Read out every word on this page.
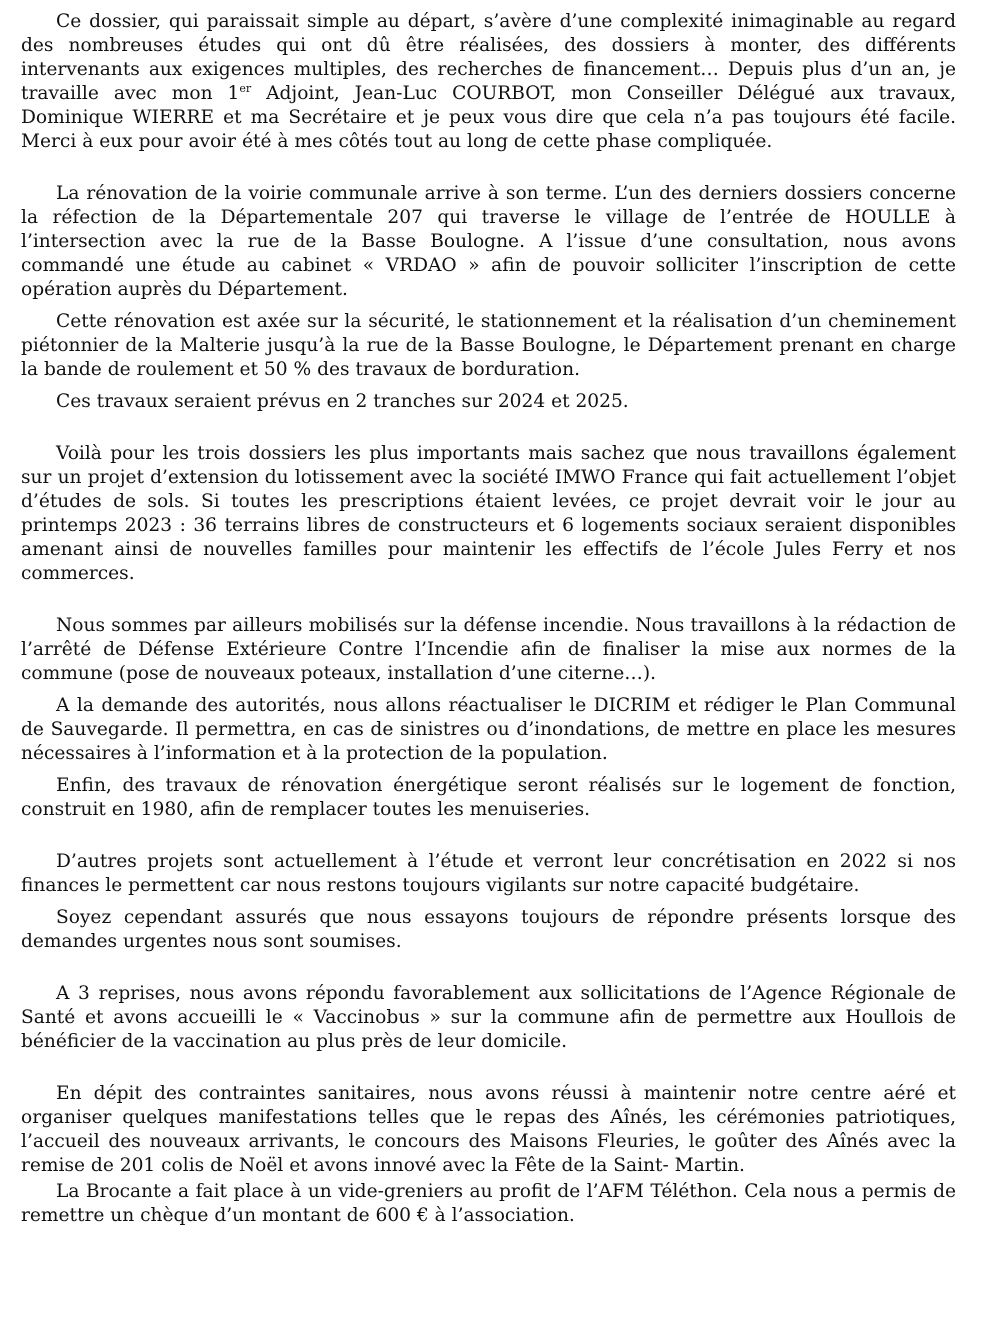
Ce dossier, qui paraissait simple au départ, s’avère d’une complexité inimaginable au regard des nombreuses études qui ont dû être réalisées, des dossiers à monter, des différents intervenants aux exigences multiples, des recherches de financement… Depuis plus d’un an, je travaille avec mon 1er Adjoint, Jean-Luc COURBOT, mon Conseiller Délégué aux travaux, Dominique WIERRE et ma Secrétaire et je peux vous dire que cela n’a pas toujours été facile. Merci à eux pour avoir été à mes côtés tout au long de cette phase compliquée.

La rénovation de la voirie communale arrive à son terme. L’un des derniers dossiers concerne la réfection de la Départementale 207 qui traverse le village de l’entrée de HOULLE à l’intersection avec la rue de la Basse Boulogne. A l’issue d’une consultation, nous avons commandé une étude au cabinet « VRDAO » afin de pouvoir solliciter l’inscription de cette opération auprès du Département.

Cette rénovation est axée sur la sécurité, le stationnement et la réalisation d’un cheminement piétonnier de la Malterie jusqu’à la rue de la Basse Boulogne, le Département prenant en charge la bande de roulement et 50 % des travaux de borduration.

Ces travaux seraient prévus en 2 tranches sur 2024 et 2025.

Voilà pour les trois dossiers les plus importants mais sachez que nous travaillons également sur un projet d’extension du lotissement avec la société IMWO France qui fait actuellement l’objet d’études de sols. Si toutes les prescriptions étaient levées, ce projet devrait voir le jour au printemps 2023 : 36 terrains libres de constructeurs et 6 logements sociaux seraient disponibles amenant ainsi de nouvelles familles pour maintenir les effectifs de l’école Jules Ferry et nos commerces.

Nous sommes par ailleurs mobilisés sur la défense incendie. Nous travaillons à la rédaction de l’arrêté de Défense Extérieure Contre l’Incendie afin de finaliser la mise aux normes de la commune (pose de nouveaux poteaux, installation d’une citerne…).

A la demande des autorités, nous allons réactualiser le DICRIM et rédiger le Plan Communal de Sauvegarde. Il permettra, en cas de sinistres ou d’inondations, de mettre en place les mesures nécessaires à l’information et à la protection de la population.

Enfin, des travaux de rénovation énergétique seront réalisés sur le logement de fonction, construit en 1980, afin de remplacer toutes les menuiseries.

D’autres projets sont actuellement à l’étude et verront leur concrétisation en 2022 si nos finances le permettent car nous restons toujours vigilants sur notre capacité budgétaire.

Soyez cependant assurés que nous essayons toujours de répondre présents lorsque des demandes urgentes nous sont soumises.

A 3 reprises, nous avons répondu favorablement aux sollicitations de l’Agence Régionale de Santé et avons accueilli le « Vaccinobus » sur la commune afin de permettre aux Houllois de bénéficier de la vaccination au plus près de leur domicile.

En dépit des contraintes sanitaires, nous avons réussi à maintenir notre centre aéré et organiser quelques manifestations telles que le repas des Aînés, les cérémonies patriotiques, l’accueil des nouveaux arrivants, le concours des Maisons Fleuries, le goûter des Aînés avec la remise de 201 colis de Noël et avons innové avec la Fête de la Saint- Martin.

La Brocante a fait place à un vide-greniers au profit de l’AFM Téléthon. Cela nous a permis de remettre un chèque d’un montant de 600 € à l’association.
